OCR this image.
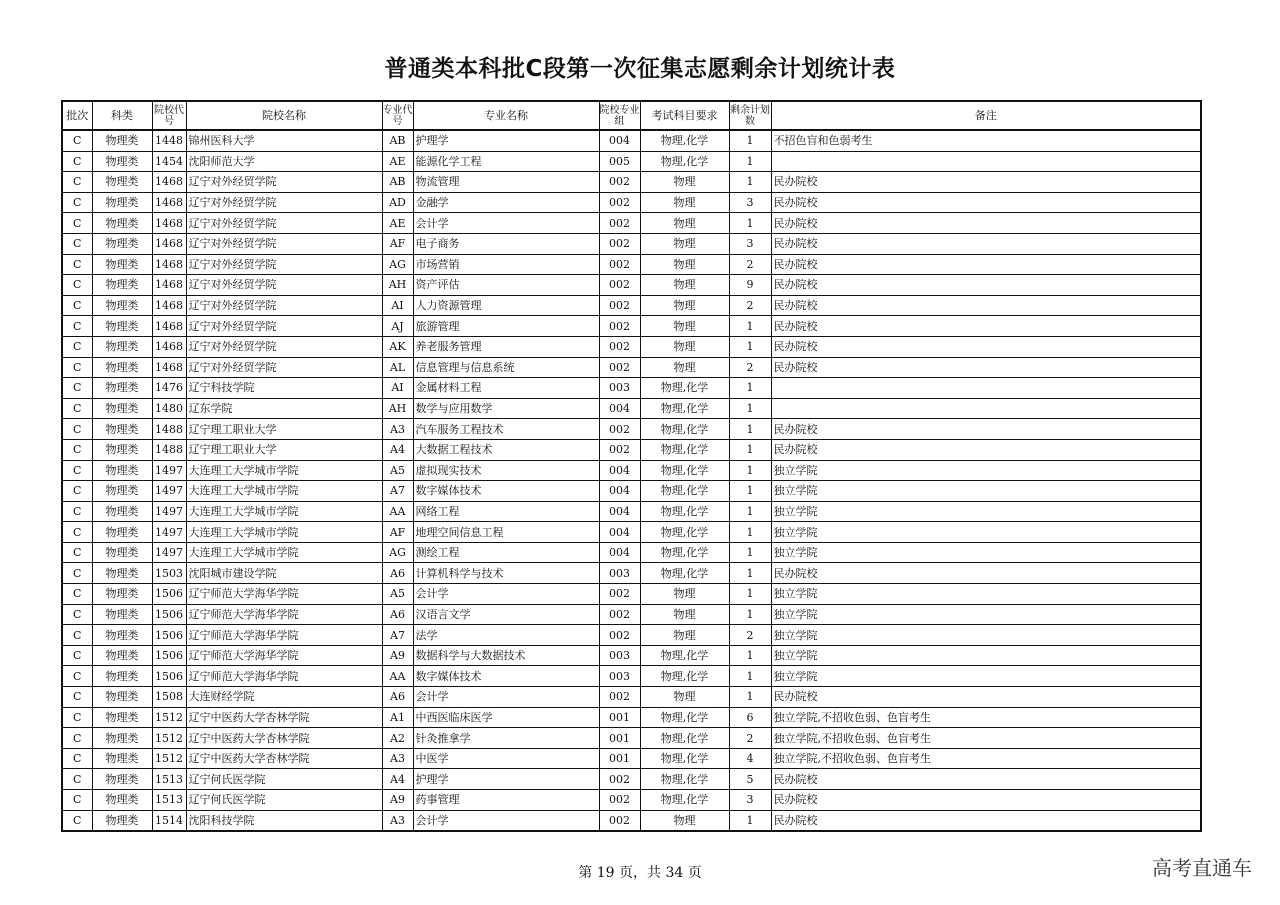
普通类本科批C段第一次征集志愿剩余计划统计表
批次	科类	院校代号	院校名称	专业代号	专业名称	院校专业组	考试科目要求	剩余计划数	备注
C	物理类	1448	锦州医科大学	AB	护理学	004	物理,化学	1	不招色盲和色弱考生
C	物理类	1454	沈阳师范大学	AE	能源化学工程	005	物理,化学	1	
C	物理类	1468	辽宁对外经贸学院	AB	物流管理	002	物理	1	民办院校
C	物理类	1468	辽宁对外经贸学院	AD	金融学	002	物理	3	民办院校
C	物理类	1468	辽宁对外经贸学院	AE	会计学	002	物理	1	民办院校
C	物理类	1468	辽宁对外经贸学院	AF	电子商务	002	物理	3	民办院校
C	物理类	1468	辽宁对外经贸学院	AG	市场营销	002	物理	2	民办院校
C	物理类	1468	辽宁对外经贸学院	AH	资产评估	002	物理	9	民办院校
C	物理类	1468	辽宁对外经贸学院	AI	人力资源管理	002	物理	2	民办院校
C	物理类	1468	辽宁对外经贸学院	AJ	旅游管理	002	物理	1	民办院校
C	物理类	1468	辽宁对外经贸学院	AK	养老服务管理	002	物理	1	民办院校
C	物理类	1468	辽宁对外经贸学院	AL	信息管理与信息系统	002	物理	2	民办院校
C	物理类	1476	辽宁科技学院	AI	金属材料工程	003	物理,化学	1	
C	物理类	1480	辽东学院	AH	数学与应用数学	004	物理,化学	1	
C	物理类	1488	辽宁理工职业大学	A3	汽车服务工程技术	002	物理,化学	1	民办院校
C	物理类	1488	辽宁理工职业大学	A4	大数据工程技术	002	物理,化学	1	民办院校
C	物理类	1497	大连理工大学城市学院	A5	虚拟现实技术	004	物理,化学	1	独立学院
C	物理类	1497	大连理工大学城市学院	A7	数字媒体技术	004	物理,化学	1	独立学院
C	物理类	1497	大连理工大学城市学院	AA	网络工程	004	物理,化学	1	独立学院
C	物理类	1497	大连理工大学城市学院	AF	地理空间信息工程	004	物理,化学	1	独立学院
C	物理类	1497	大连理工大学城市学院	AG	测绘工程	004	物理,化学	1	独立学院
C	物理类	1503	沈阳城市建设学院	A6	计算机科学与技术	003	物理,化学	1	民办院校
C	物理类	1506	辽宁师范大学海华学院	A5	会计学	002	物理	1	独立学院
C	物理类	1506	辽宁师范大学海华学院	A6	汉语言文学	002	物理	1	独立学院
C	物理类	1506	辽宁师范大学海华学院	A7	法学	002	物理	2	独立学院
C	物理类	1506	辽宁师范大学海华学院	A9	数据科学与大数据技术	003	物理,化学	1	独立学院
C	物理类	1506	辽宁师范大学海华学院	AA	数字媒体技术	003	物理,化学	1	独立学院
C	物理类	1508	大连财经学院	A6	会计学	002	物理	1	民办院校
C	物理类	1512	辽宁中医药大学杏林学院	A1	中西医临床医学	001	物理,化学	6	独立学院,不招收色弱、色盲考生
C	物理类	1512	辽宁中医药大学杏林学院	A2	针灸推拿学	001	物理,化学	2	独立学院,不招收色弱、色盲考生
C	物理类	1512	辽宁中医药大学杏林学院	A3	中医学	001	物理,化学	4	独立学院,不招收色弱、色盲考生
C	物理类	1513	辽宁何氏医学院	A4	护理学	002	物理,化学	5	民办院校
C	物理类	1513	辽宁何氏医学院	A9	药事管理	002	物理,化学	3	民办院校
C	物理类	1514	沈阳科技学院	A3	会计学	002	物理	1	民办院校
第 19 页，共 34 页	高考直通车
